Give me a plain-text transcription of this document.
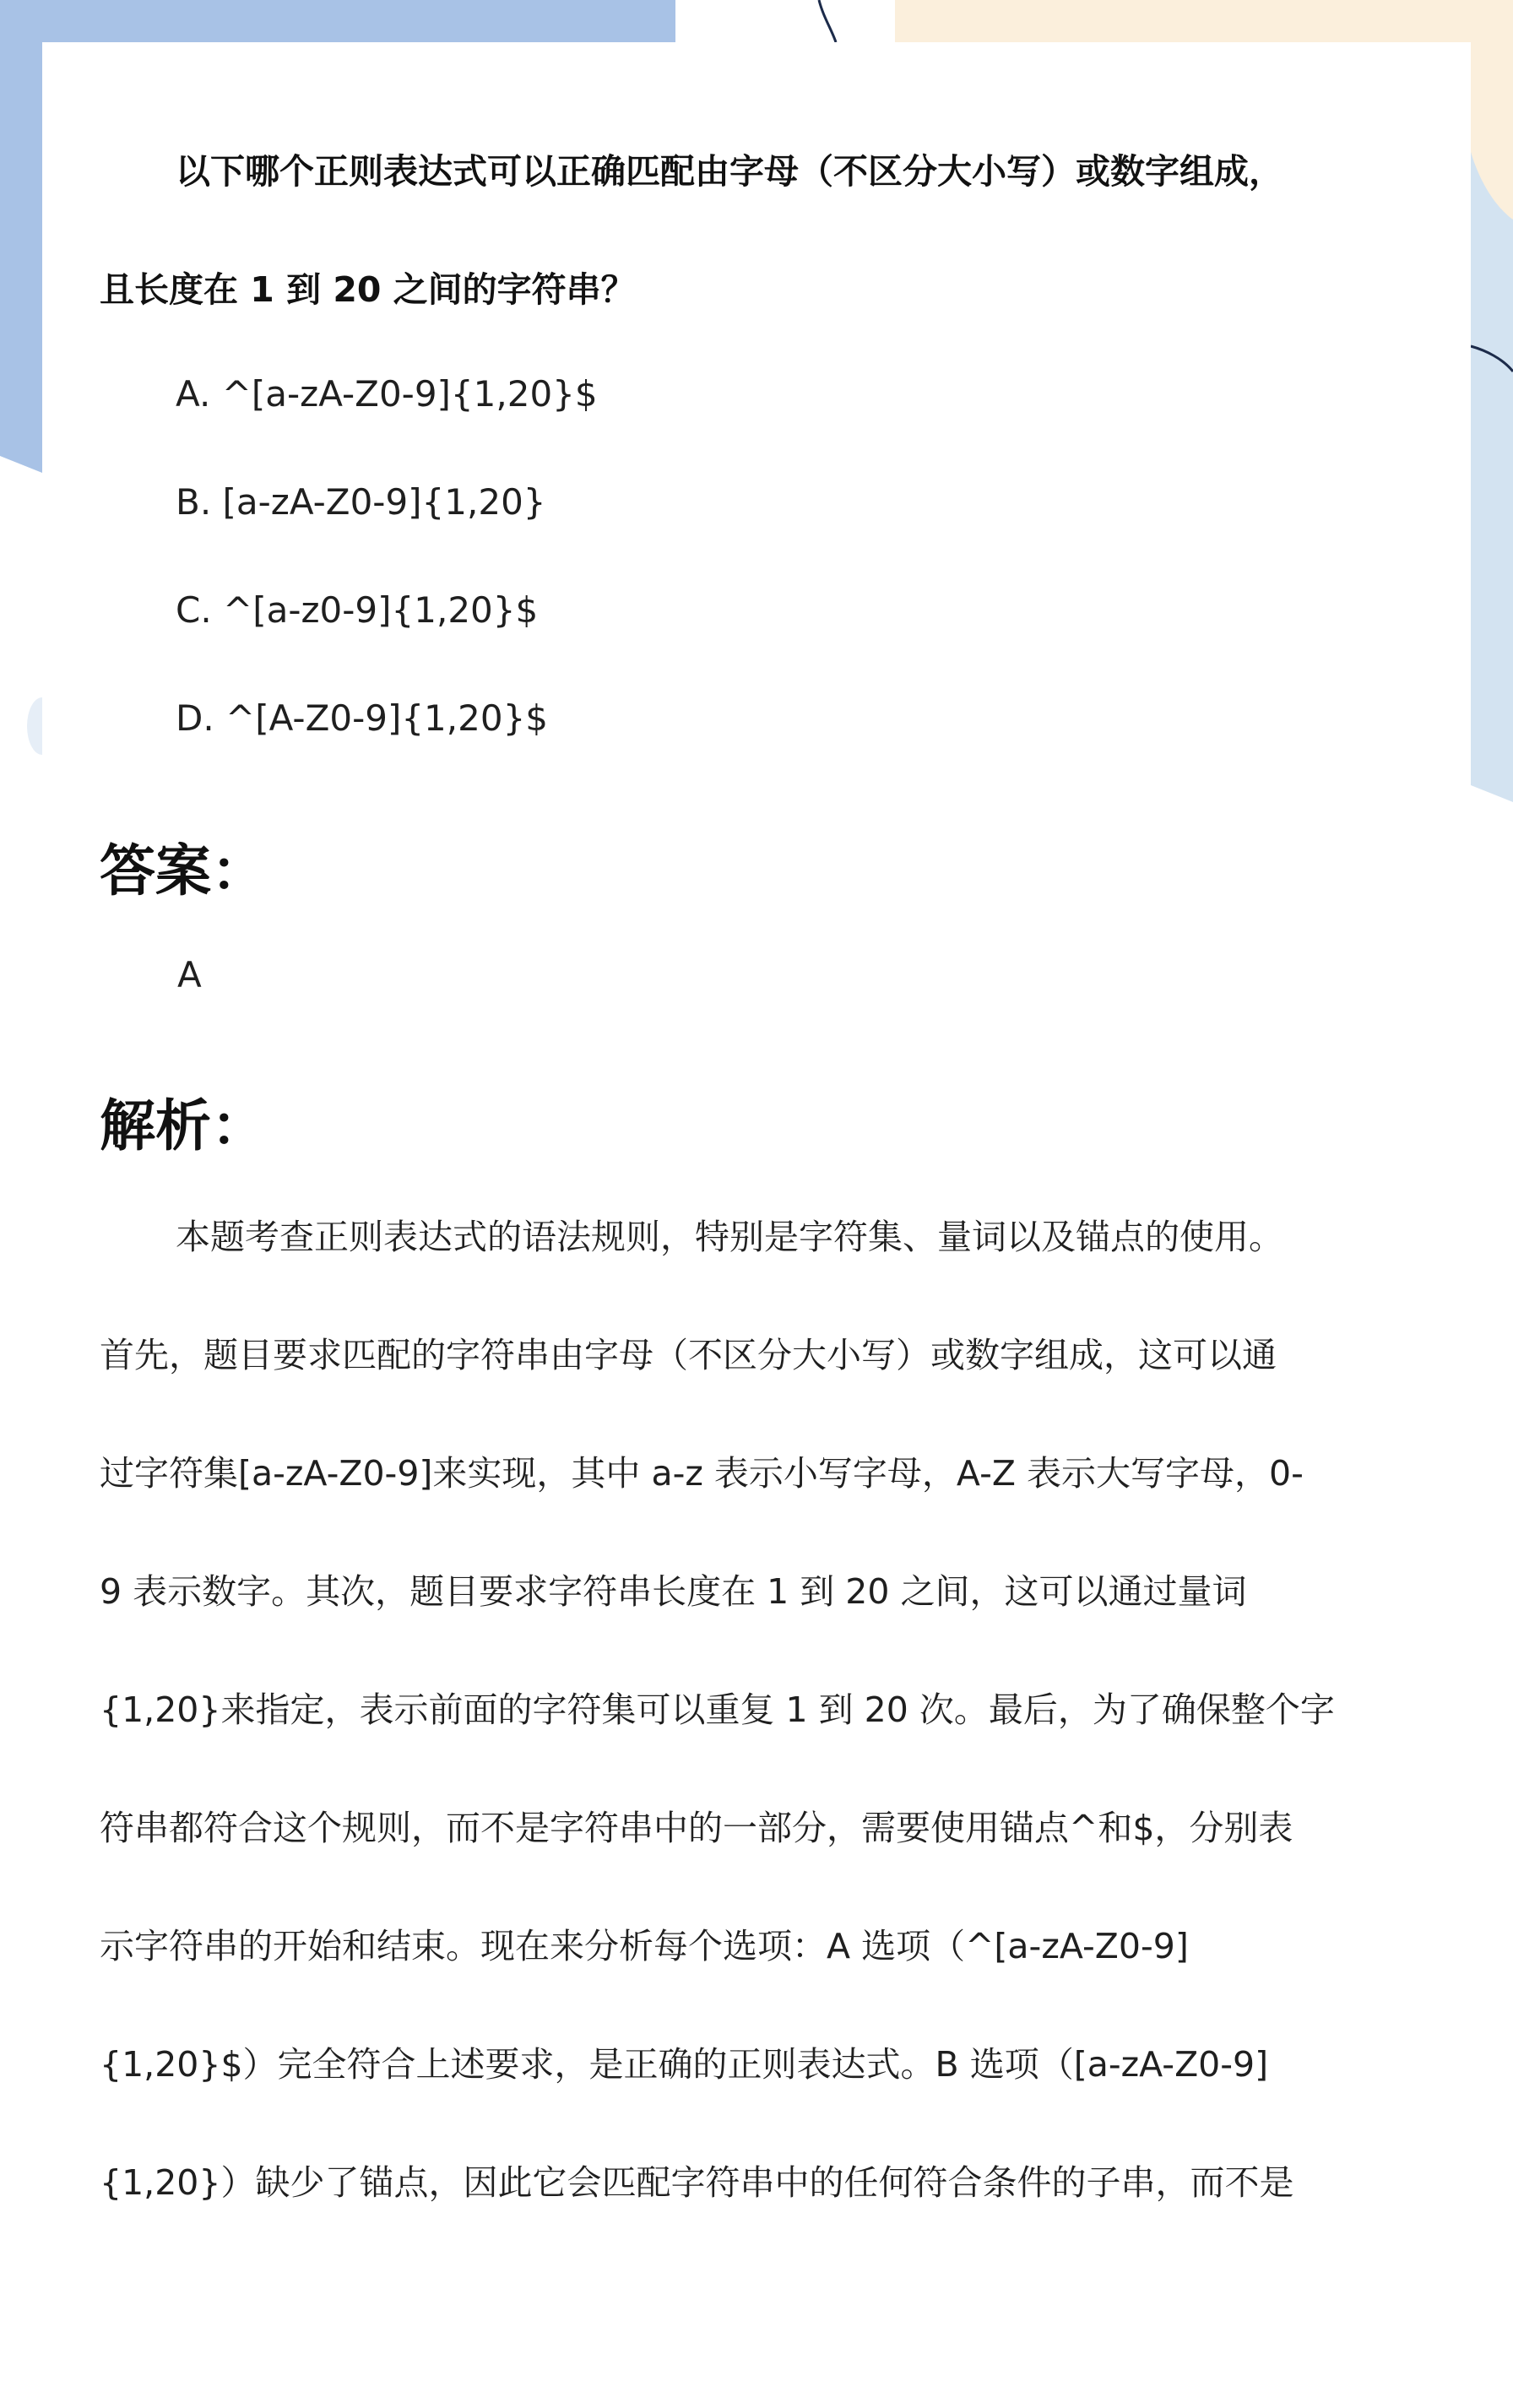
以下哪个正则表达式可以正确匹配由字母（不区分大小写）或数字组成，
且长度在 1 到 20 之间的字符串？
A. ^[a-zA-Z0-9]{1,20}$
B. [a-zA-Z0-9]{1,20}
C. ^[a-z0-9]{1,20}$
D. ^[A-Z0-9]{1,20}$
答案：
A
解析：
本题考查正则表达式的语法规则，特别是字符集、量词以及锚点的使用。
首先，题目要求匹配的字符串由字母（不区分大小写）或数字组成，这可以通
过字符集[a-zA-Z0-9]来实现，其中 a-z 表示小写字母，A-Z 表示大写字母，0-
9 表示数字。其次，题目要求字符串长度在 1 到 20 之间，这可以通过量词
{1,20}来指定，表示前面的字符集可以重复 1 到 20 次。最后，为了确保整个字
符串都符合这个规则，而不是字符串中的一部分，需要使用锚点^和$，分别表
示字符串的开始和结束。现在来分析每个选项：A 选项（^[a-zA-Z0-9]
{1,20}$）完全符合上述要求，是正确的正则表达式。B 选项（[a-zA-Z0-9]
{1,20}）缺少了锚点，因此它会匹配字符串中的任何符合条件的子串，而不是
